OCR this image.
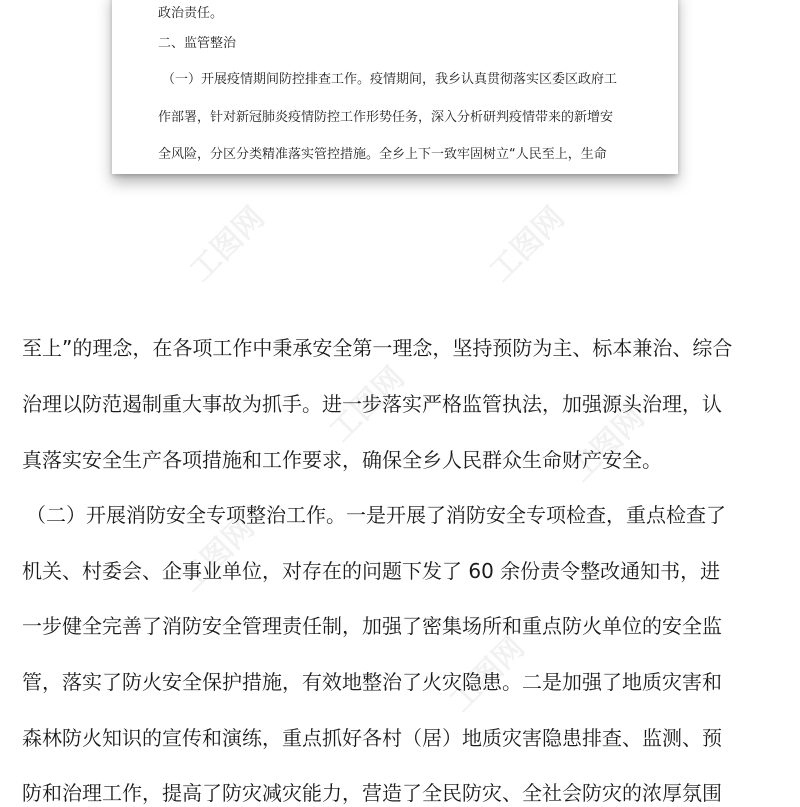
政治责任。
二、监管整治
（一）开展疫情期间防控排查工作。疫情期间，我乡认真贯彻落实区委区政府工
作部署，针对新冠肺炎疫情防控工作形势任务，深入分析研判疫情带来的新增安
全风险，分区分类精准落实管控措施。全乡上下一致牢固树立“人民至上，生命
工图网	工图网
工图网	工图网
工图网
工图网
至上”的理念，在各项工作中秉承安全第一理念，坚持预防为主、标本兼治、综合
治理以防范遏制重大事故为抓手。进一步落实严格监管执法，加强源头治理，认
真落实安全生产各项措施和工作要求，确保全乡人民群众生命财产安全。
（二）开展消防安全专项整治工作。一是开展了消防安全专项检查，重点检查了
机关、村委会、企事业单位，对存在的问题下发了 60 余份责令整改通知书，进
一步健全完善了消防安全管理责任制，加强了密集场所和重点防火单位的安全监
管，落实了防火安全保护措施，有效地整治了火灾隐患。二是加强了地质灾害和
森林防火知识的宣传和演练，重点抓好各村（居）地质灾害隐患排查、监测、预
防和治理工作，提高了防灾减灾能力，营造了全民防灾、全社会防灾的浓厚氛围
